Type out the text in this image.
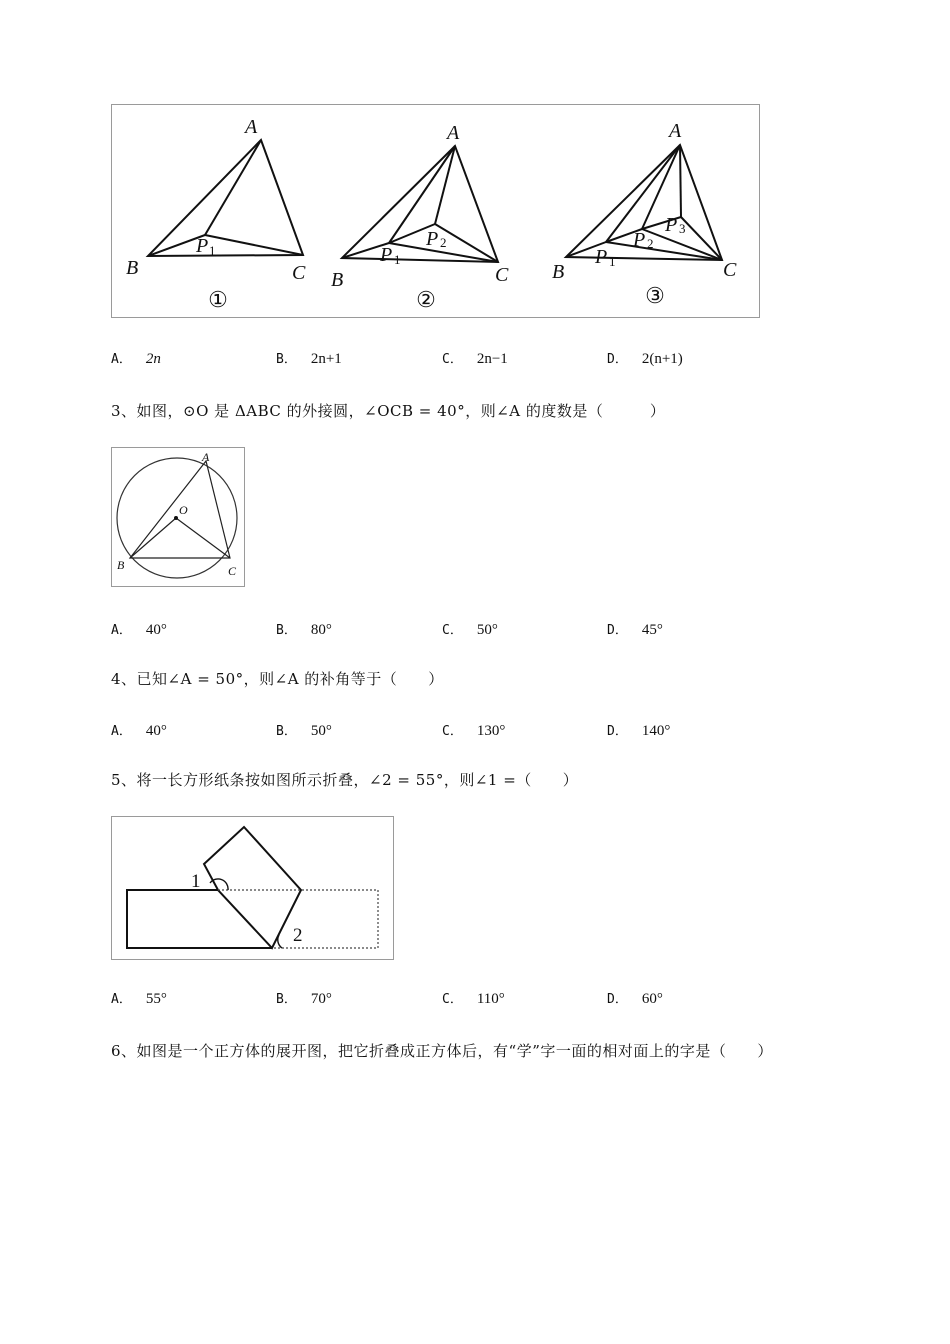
A
B	C
P
A
B	C
P
P
A
B	C
P
P
P
1
1
2
1
2
3
①	②	③
A． 2n	B． 2n+1	C． 2n−1	D． 2(n+1)
3、如图，⊙O 是 ΔABC 的外接圆，∠OCB = 40°，则∠A 的度数是（　　　）
A
B	C
O
A． 40°	B． 80°	C． 50°	D． 45°
4、已知∠A = 50°，则∠A 的补角等于（　　）
A． 40°	B． 50°	C． 130°	D． 140°
5、将一长方形纸条按如图所示折叠，∠2 = 55°，则∠1 =（　　）
1
2
A． 55°	B． 70°	C． 110°	D． 60°
6、如图是一个正方体的展开图，把它折叠成正方体后，有“学”字一面的相对面上的字是（　　）
